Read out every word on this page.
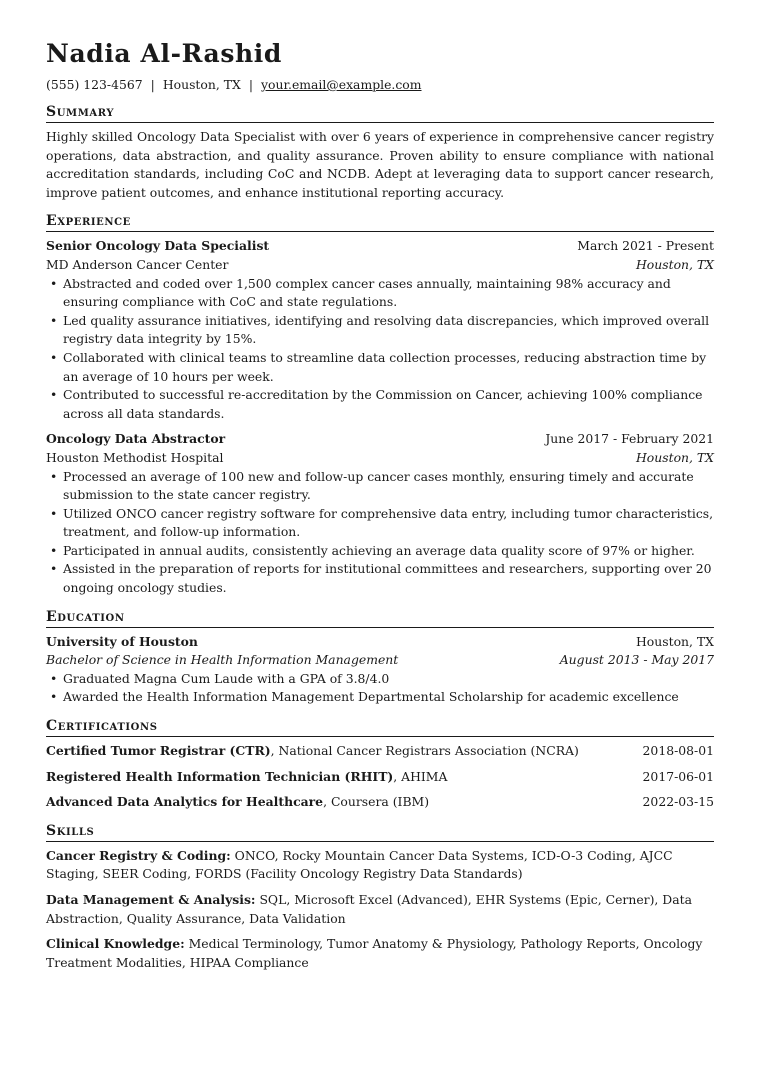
Nadia Al-Rashid
(555) 123-4567 | Houston, TX | your.email@example.com
Summary

Highly skilled Oncology Data Specialist with over 6 years of experience in comprehensive cancer registry operations, data abstraction, and quality assurance. Proven ability to ensure compliance with national accreditation standards, including CoC and NCDB. Adept at leveraging data to support cancer research, improve patient outcomes, and enhance institutional reporting accuracy.

Experience
Senior Oncology Data Specialist	March 2021 - Present
MD Anderson Cancer Center	Houston, TX
• Abstracted and coded over 1,500 complex cancer cases annually, maintaining 98% accuracy and ensuring compliance with CoC and state regulations.
• Led quality assurance initiatives, identifying and resolving data discrepancies, which improved overall registry data integrity by 15%.
• Collaborated with clinical teams to streamline data collection processes, reducing abstraction time by an average of 10 hours per week.
• Contributed to successful re-accreditation by the Commission on Cancer, achieving 100% compliance across all data standards.
Oncology Data Abstractor	June 2017 - February 2021
Houston Methodist Hospital	Houston, TX
• Processed an average of 100 new and follow-up cancer cases monthly, ensuring timely and accurate submission to the state cancer registry.
• Utilized ONCO cancer registry software for comprehensive data entry, including tumor characteristics, treatment, and follow-up information.
• Participated in annual audits, consistently achieving an average data quality score of 97% or higher.
• Assisted in the preparation of reports for institutional committees and researchers, supporting over 20 ongoing oncology studies.
Education
University of Houston	Houston, TX
Bachelor of Science in Health Information Management	August 2013 - May 2017
• Graduated Magna Cum Laude with a GPA of 3.8/4.0
• Awarded the Health Information Management Departmental Scholarship for academic excellence
Certifications
Certified Tumor Registrar (CTR), National Cancer Registrars Association (NCRA)	2018-08-01
Registered Health Information Technician (RHIT), AHIMA	2017-06-01
Advanced Data Analytics for Healthcare, Coursera (IBM)	2022-03-15
Skills
Cancer Registry & Coding: ONCO, Rocky Mountain Cancer Data Systems, ICD-O-3 Coding, AJCC Staging, SEER Coding, FORDS (Facility Oncology Registry Data Standards)
Data Management & Analysis: SQL, Microsoft Excel (Advanced), EHR Systems (Epic, Cerner), Data Abstraction, Quality Assurance, Data Validation
Clinical Knowledge: Medical Terminology, Tumor Anatomy & Physiology, Pathology Reports, Oncology Treatment Modalities, HIPAA Compliance
